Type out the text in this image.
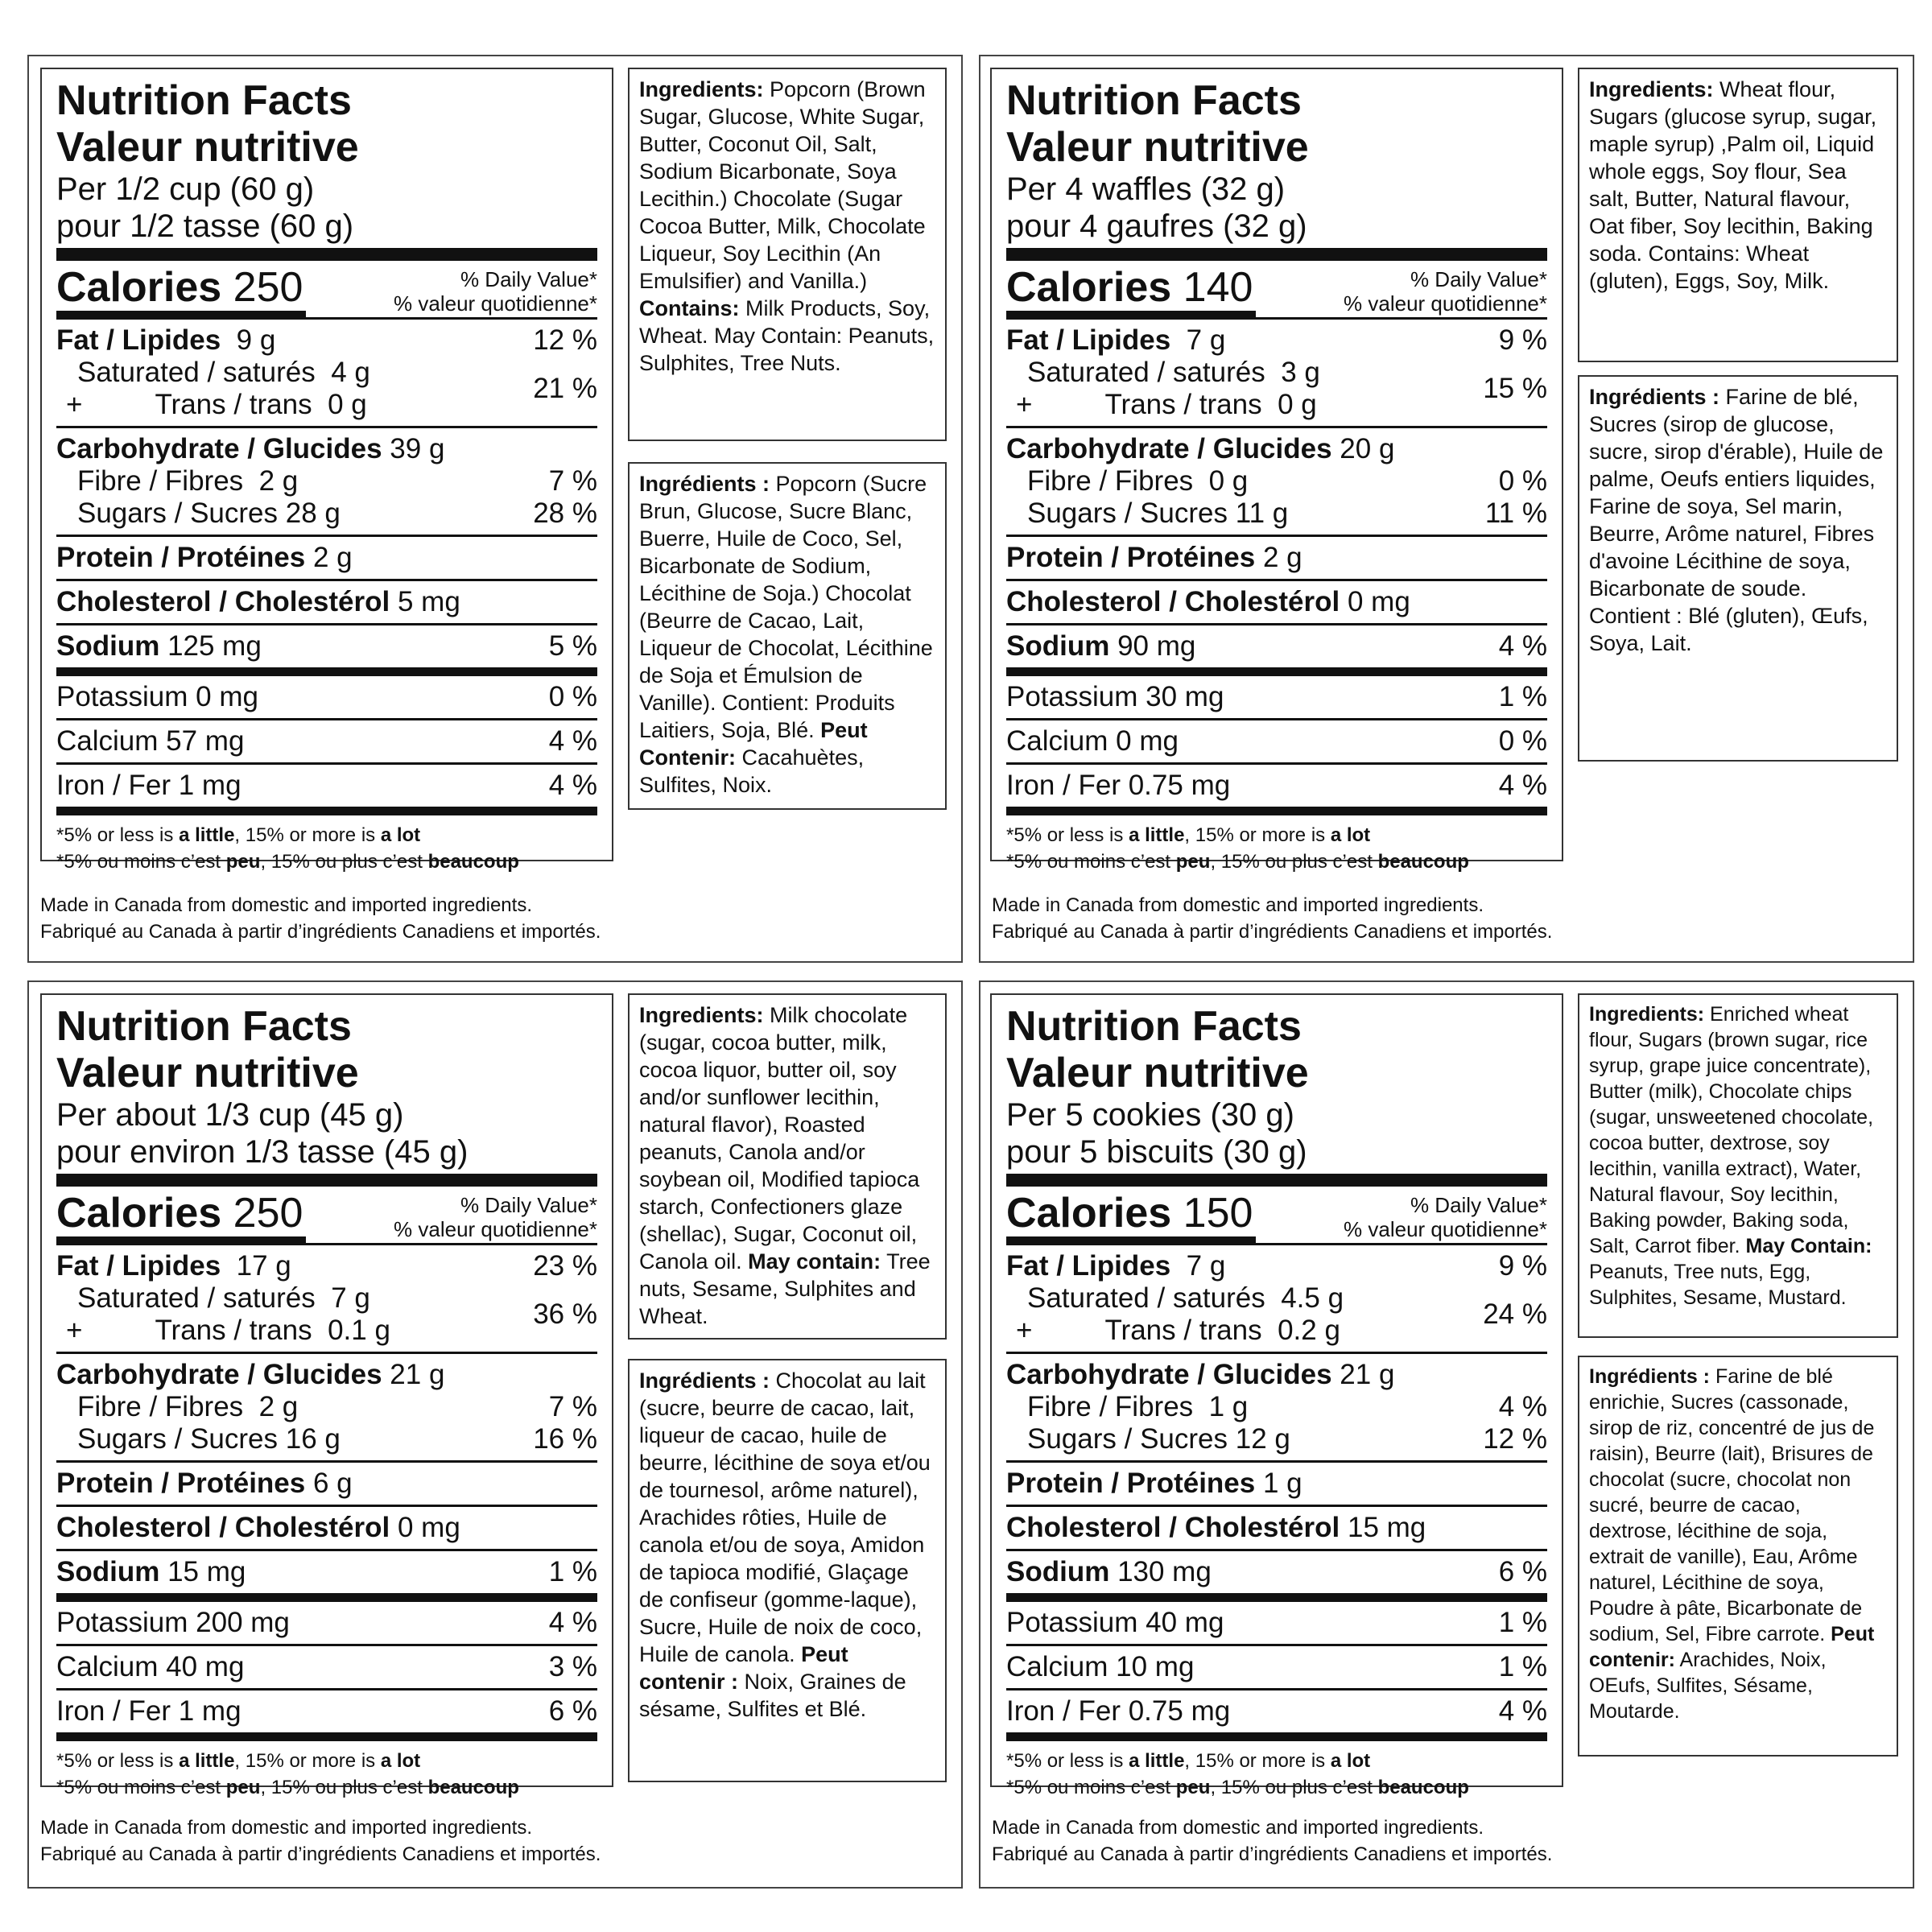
Nutrition Facts
Valeur nutritive
Per 1/2 cup (60 g)
pour 1/2 tasse (60 g)
Calories 250	% Daily Value*
% valeur quotidienne*
Fat / Lipides 9 g	12 %
Saturated / saturés 4 g
+	Trans / trans 0 g
21 %
Carbohydrate / Glucides 39 g
Fibre / Fibres 2 g	7 %
Sugars / Sucres 28 g	28 %
Protein / Protéines 2 g
Cholesterol / Cholestérol 5 mg
Sodium 125 mg	5 %
Potassium 0 mg	0 %
Calcium 57 mg	4 %
Iron / Fer 1 mg	4 %
*5% or less is a little, 15% or more is a lot
*5% ou moins c’est peu, 15% ou plus c’est beaucoup
Ingredients: Popcorn (Brown Sugar, Glucose, White Sugar, Butter, Coconut Oil, Salt, Sodium Bicarbonate, Soya Lecithin.) Chocolate (Sugar Cocoa Butter, Milk, Chocolate Liqueur, Soy Lecithin (An Emulsifier) and Vanilla.) Contains: Milk Products, Soy, Wheat. May Contain: Peanuts, Sulphites, Tree Nuts.
Ingrédients : Popcorn (Sucre Brun, Glucose, Sucre Blanc, Buerre, Huile de Coco, Sel, Bicarbonate de Sodium, Lécithine de Soja.) Chocolat (Beurre de Cacao, Lait, Liqueur de Chocolat, Lécithine de Soja et Émulsion de Vanille). Contient: Produits Laitiers, Soja, Blé. Peut Contenir: Cacahuètes, Sulfites, Noix.
Made in Canada from domestic and imported ingredients.
Fabriqué au Canada à partir d’ingrédients Canadiens et importés.
Nutrition Facts
Valeur nutritive
Per 4 waffles (32 g)
pour 4 gaufres (32 g)
Calories 140	% Daily Value*
% valeur quotidienne*
Fat / Lipides 7 g	9 %
Saturated / saturés 3 g
+	Trans / trans 0 g
15 %
Carbohydrate / Glucides 20 g
Fibre / Fibres 0 g	0 %
Sugars / Sucres 11 g	11 %
Protein / Protéines 2 g
Cholesterol / Cholestérol 0 mg
Sodium 90 mg	4 %
Potassium 30 mg	1 %
Calcium 0 mg	0 %
Iron / Fer 0.75 mg	4 %
*5% or less is a little, 15% or more is a lot
*5% ou moins c’est peu, 15% ou plus c’est beaucoup
Ingredients: Wheat flour, Sugars (glucose syrup, sugar, maple syrup) ,Palm oil, Liquid whole eggs, Soy flour, Sea salt, Butter, Natural flavour, Oat fiber, Soy lecithin, Baking soda. Contains: Wheat (gluten), Eggs, Soy, Milk.
Ingrédients : Farine de blé, Sucres (sirop de glucose, sucre, sirop d'érable), Huile de palme, Oeufs entiers liquides, Farine de soya, Sel marin, Beurre, Arôme naturel, Fibres d'avoine Lécithine de soya, Bicarbonate de soude. Contient : Blé (gluten), Œufs, Soya, Lait.
Made in Canada from domestic and imported ingredients.
Fabriqué au Canada à partir d’ingrédients Canadiens et importés.
Nutrition Facts
Valeur nutritive
Per about 1/3 cup (45 g)
pour environ 1/3 tasse (45 g)
Calories 250	% Daily Value*
% valeur quotidienne*
Fat / Lipides 17 g	23 %
Saturated / saturés 7 g
+	Trans / trans 0.1 g
36 %
Carbohydrate / Glucides 21 g
Fibre / Fibres 2 g	7 %
Sugars / Sucres 16 g	16 %
Protein / Protéines 6 g
Cholesterol / Cholestérol 0 mg
Sodium 15 mg	1 %
Potassium 200 mg	4 %
Calcium 40 mg	3 %
Iron / Fer 1 mg	6 %
*5% or less is a little, 15% or more is a lot
*5% ou moins c’est peu, 15% ou plus c’est beaucoup
Ingredients: Milk chocolate (sugar, cocoa butter, milk, cocoa liquor, butter oil, soy and/or sunflower lecithin, natural flavor), Roasted peanuts, Canola and/or soybean oil, Modified tapioca starch, Confectioners glaze (shellac), Sugar, Coconut oil, Canola oil. May contain: Tree nuts, Sesame, Sulphites and Wheat.
Ingrédients : Chocolat au lait (sucre, beurre de cacao, lait, liqueur de cacao, huile de beurre, lécithine de soya et/ou de tournesol, arôme naturel), Arachides rôties, Huile de canola et/ou de soya, Amidon de tapioca modifié, Glaçage de confiseur (gomme-laque), Sucre, Huile de noix de coco, Huile de canola. Peut contenir : Noix, Graines de sésame, Sulfites et Blé.
Made in Canada from domestic and imported ingredients.
Fabriqué au Canada à partir d’ingrédients Canadiens et importés.
Nutrition Facts
Valeur nutritive
Per 5 cookies (30 g)
pour 5 biscuits (30 g)
Calories 150	% Daily Value*
% valeur quotidienne*
Fat / Lipides 7 g	9 %
Saturated / saturés 4.5 g
+	Trans / trans 0.2 g
24 %
Carbohydrate / Glucides 21 g
Fibre / Fibres 1 g	4 %
Sugars / Sucres 12 g	12 %
Protein / Protéines 1 g
Cholesterol / Cholestérol 15 mg
Sodium 130 mg	6 %
Potassium 40 mg	1 %
Calcium 10 mg	1 %
Iron / Fer 0.75 mg	4 %
*5% or less is a little, 15% or more is a lot
*5% ou moins c’est peu, 15% ou plus c’est beaucoup
Ingredients: Enriched wheat flour, Sugars (brown sugar, rice syrup, grape juice concentrate), Butter (milk), Chocolate chips (sugar, unsweetened chocolate, cocoa butter, dextrose, soy lecithin, vanilla extract), Water, Natural flavour, Soy lecithin, Baking powder, Baking soda, Salt, Carrot fiber. May Contain: Peanuts, Tree nuts, Egg, Sulphites, Sesame, Mustard.
Ingrédients : Farine de blé enrichie, Sucres (cassonade, sirop de riz, concentré de jus de raisin), Beurre (lait), Brisures de chocolat (sucre, chocolat non sucré, beurre de cacao, dextrose, lécithine de soja, extrait de vanille), Eau, Arôme naturel, Lécithine de soya, Poudre à pâte, Bicarbonate de sodium, Sel, Fibre carrote. Peut contenir: Arachides, Noix, OEufs, Sulfites, Sésame, Moutarde.
Made in Canada from domestic and imported ingredients.
Fabriqué au Canada à partir d’ingrédients Canadiens et importés.
